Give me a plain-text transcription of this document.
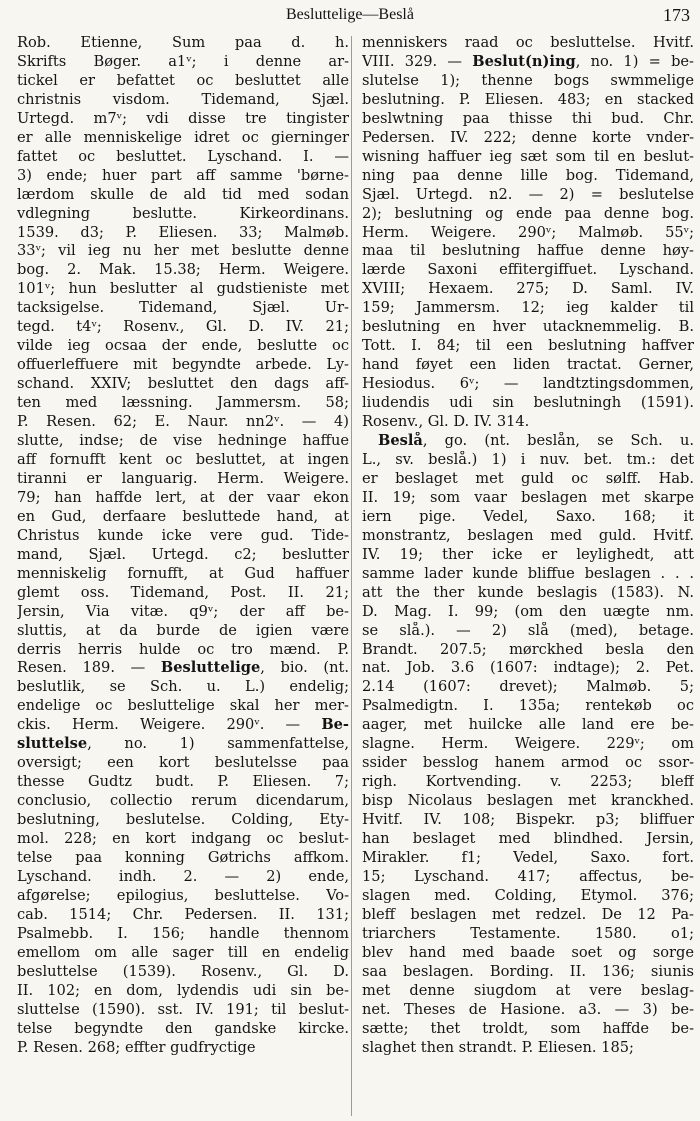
Besluttelige—Beslå	173
Rob. Etienne, Sum paa d. h.
Skrifts Bøger. a1ᵛ; i denne ar-
tickel er befattet oc besluttet alle
christnis visdom. Tidemand, Sjæl.
Urtegd. m7ᵛ; vdi disse tre tingister
er alle menniskelige idret oc gierninger
fattet oc besluttet. Lyschand. I. —
3) ende; huer part aff samme 'børne-
lærdom skulle de ald tid med sodan
vdlegning beslutte. Kirkeordinans.
1539. d3; P. Eliesen. 33; Malmøb.
33ᵛ; vil ieg nu her met beslutte denne
bog. 2. Mak. 15.38; Herm. Weigere.
101ᵛ; hun beslutter al gudstieniste met
tacksigelse. Tidemand, Sjæl. Ur-
tegd. t4ᵛ; Rosenv., Gl. D. IV. 21;
vilde ieg ocsaa der ende, beslutte oc
offuerleffuere mit begyndte arbede. Ly-
schand. XXIV; besluttet den dags aff-
ten med læssning. Jammersm. 58;
P. Resen. 62; E. Naur. nn2ᵛ. — 4)
slutte, indse; de vise hedninge haffue
aff fornufft kent oc besluttet, at ingen
tiranni er languarig. Herm. Weigere.
79; han haffde lert, at der vaar ekon
en Gud, derfaare besluttede hand, at
Christus kunde icke vere gud. Tide-
mand, Sjæl. Urtegd. c2; beslutter
menniskelig fornufft, at Gud haffuer
glemt oss. Tidemand, Post. II. 21;
Jersin, Via vitæ. q9ᵛ; der aff be-
sluttis, at da burde de igien være
derris herris hulde oc tro mænd. P.
Resen. 189. — Besluttelige, bio. (nt.
beslutlik, se Sch. u. L.) endelig;
endelige oc besluttelige skal her mer-
ckis. Herm. Weigere. 290ᵛ. — Be-
sluttelse, no. 1) sammenfattelse,
oversigt; een kort beslutelsse paa
thesse Gudtz budt. P. Eliesen. 7;
conclusio, collectio rerum dicendarum,
beslutning, beslutelse. Colding, Ety-
mol. 228; en kort indgang oc beslut-
telse paa konning Gøtrichs affkom.
Lyschand. indh. 2. — 2) ende,
afgørelse; epilogius, besluttelse. Vo-
cab. 1514; Chr. Pedersen. II. 131;
Psalmebb. I. 156; handle thennom
emellom om alle sager till en endelig
besluttelse (1539). Rosenv., Gl. D.
II. 102; en dom, lydendis udi sin be-
sluttelse (1590). sst. IV. 191; til beslut-
telse begyndte den gandske kircke.
P. Resen. 268; effter gudfryctige
menniskers raad oc besluttelse. Hvitf.
VIII. 329. — Beslut(n)ing, no. 1) = be-
slutelse 1); thenne bogs swmmelige
beslutning. P. Eliesen. 483; en stacked
beslwtning paa thisse thi bud. Chr.
Pedersen. IV. 222; denne korte vnder-
wisning haffuer ieg sæt som til en beslut-
ning paa denne lille bog. Tidemand,
Sjæl. Urtegd. n2. — 2) = beslutelse
2); beslutning og ende paa denne bog.
Herm. Weigere. 290ᵛ; Malmøb. 55ᵛ;
maa til beslutning haffue denne høy-
lærde Saxoni effitergiffuet. Lyschand.
XVIII; Hexaem. 275; D. Saml. IV.
159; Jammersm. 12; ieg kalder til
beslutning en hver utacknemmelig. B.
Tott. I. 84; til een beslutning haffver
hand føyet een liden tractat. Gerner,
Hesiodus. 6ᵛ; — landtztingsdommen,
liudendis udi sin beslutningh (1591).
Rosenv., Gl. D. IV. 314.
Beslå, go. (nt. beslån, se Sch. u.
L., sv. beslå.) 1) i nuv. bet. tm.: det
er beslaget met guld oc sølff. Hab.
II. 19; som vaar beslagen met skarpe
iern pige. Vedel, Saxo. 168; it
monstrantz, beslagen med guld. Hvitf.
IV. 19; ther icke er leylighedt, att
samme lader kunde bliffue beslagen . . .
att the ther kunde beslagis (1583). N.
D. Mag. I. 99; (om den uægte nm.
se slå.). — 2) slå (med), betage.
Brandt. 207.5; mørckhed besla den
nat. Job. 3.6 (1607: indtage); 2. Pet.
2.14 (1607: drevet); Malmøb. 5;
Psalmedigtn. I. 135a; rentekøb oc
aager, met huilcke alle land ere be-
slagne. Herm. Weigere. 229ᵛ; om
ssider besslog hanem armod oc ssor-
righ. Kortvending. v. 2253; bleff
bisp Nicolaus beslagen met kranckhed.
Hvitf. IV. 108; Bispekr. p3; bliffuer
han beslaget med blindhed. Jersin,
Mirakler. f1; Vedel, Saxo. fort.
15; Lyschand. 417; affectus, be-
slagen med. Colding, Etymol. 376;
bleff beslagen met redzel. De 12 Pa-
triarchers Testamente. 1580. o1;
blev hand med baade soet og sorge
saa beslagen. Bording. II. 136; siunis
met denne siugdom at vere beslag-
net. Theses de Hasione. a3. — 3) be-
sætte; thet troldt, som haffde be-
slaghet then strandt. P. Eliesen. 185;
